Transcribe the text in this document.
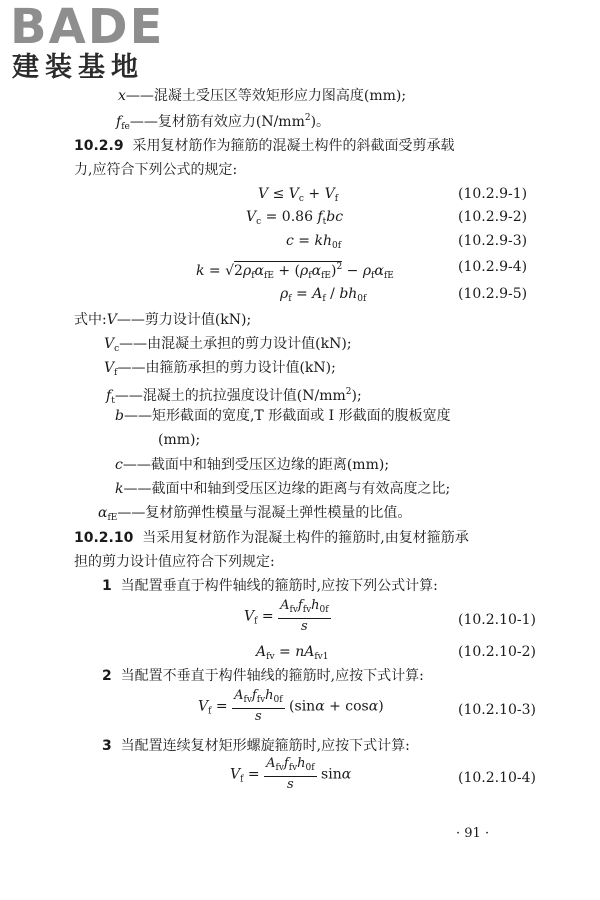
BADE
建装基地
x——混凝土受压区等效矩形应力图高度(mm);
$f_{fe}——$复材筋有效应力$(N/mm^2)$。
10.2.9 采用复材筋作为箍筋的混凝土构件的斜截面受剪承载
力,应符合下列公式的规定:
$V \le V_c + V_f$	(10.2.9-1)
$V_c = 0.86$ $f_tbc$	(10.2.9-2)
$c = kh_{0f}$	(10.2.9-3)
$k = √2\rho_f\alpha_{fE} + (\rho_f\alpha_{fE})^2 - \rho_f\alpha_{fE}$
(10.2.9-4)
$\rho_f = A_f / bh_{0f}$	(10.2.9-5)
式中:V——剪力设计值(kN);
$V_c——$由混凝土承担的剪力设计值(kN);
$V_f——$由箍筋承担的剪力设计值(kN);
$f_t——$混凝土的抗拉强度设计值$(N/mm^2)$;
b——矩形截面的宽度,T 形截面或 I 形截面的腹板宽度
(mm);
c——截面中和轴到受压区边缘的距离(mm);
k——截面中和轴到受压区边缘的距离与有效高度之比;
$\alpha_{fE}——$复材筋弹性模量与混凝土弹性模量的比值。
10.2.10 当采用复材筋作为混凝土构件的箍筋时,由复材箍筋承
担的剪力设计值应符合下列规定:
1 当配置垂直于构件轴线的箍筋时,应按下列公式计算:
$V_f = \frac{A_{fv}f_{fv}h_{0f}}{s}$	(10.2.10-1)
$A_{fv} = nA_{fv1}$	(10.2.10-2)
2 当配置不垂直于构件轴线的箍筋时,应按下式计算:
$V_f = \frac{A_{fv}f_{fv}h_{0f}}{s} (\sin\alpha + \cos\alpha)$	(10.2.10-3)
3 当配置连续复材矩形螺旋箍筋时,应按下式计算:
$V_f = \frac{A_{fv}f_{fv}h_{0f}}{s}$ sinα	(10.2.10-4)
· 91 ·
